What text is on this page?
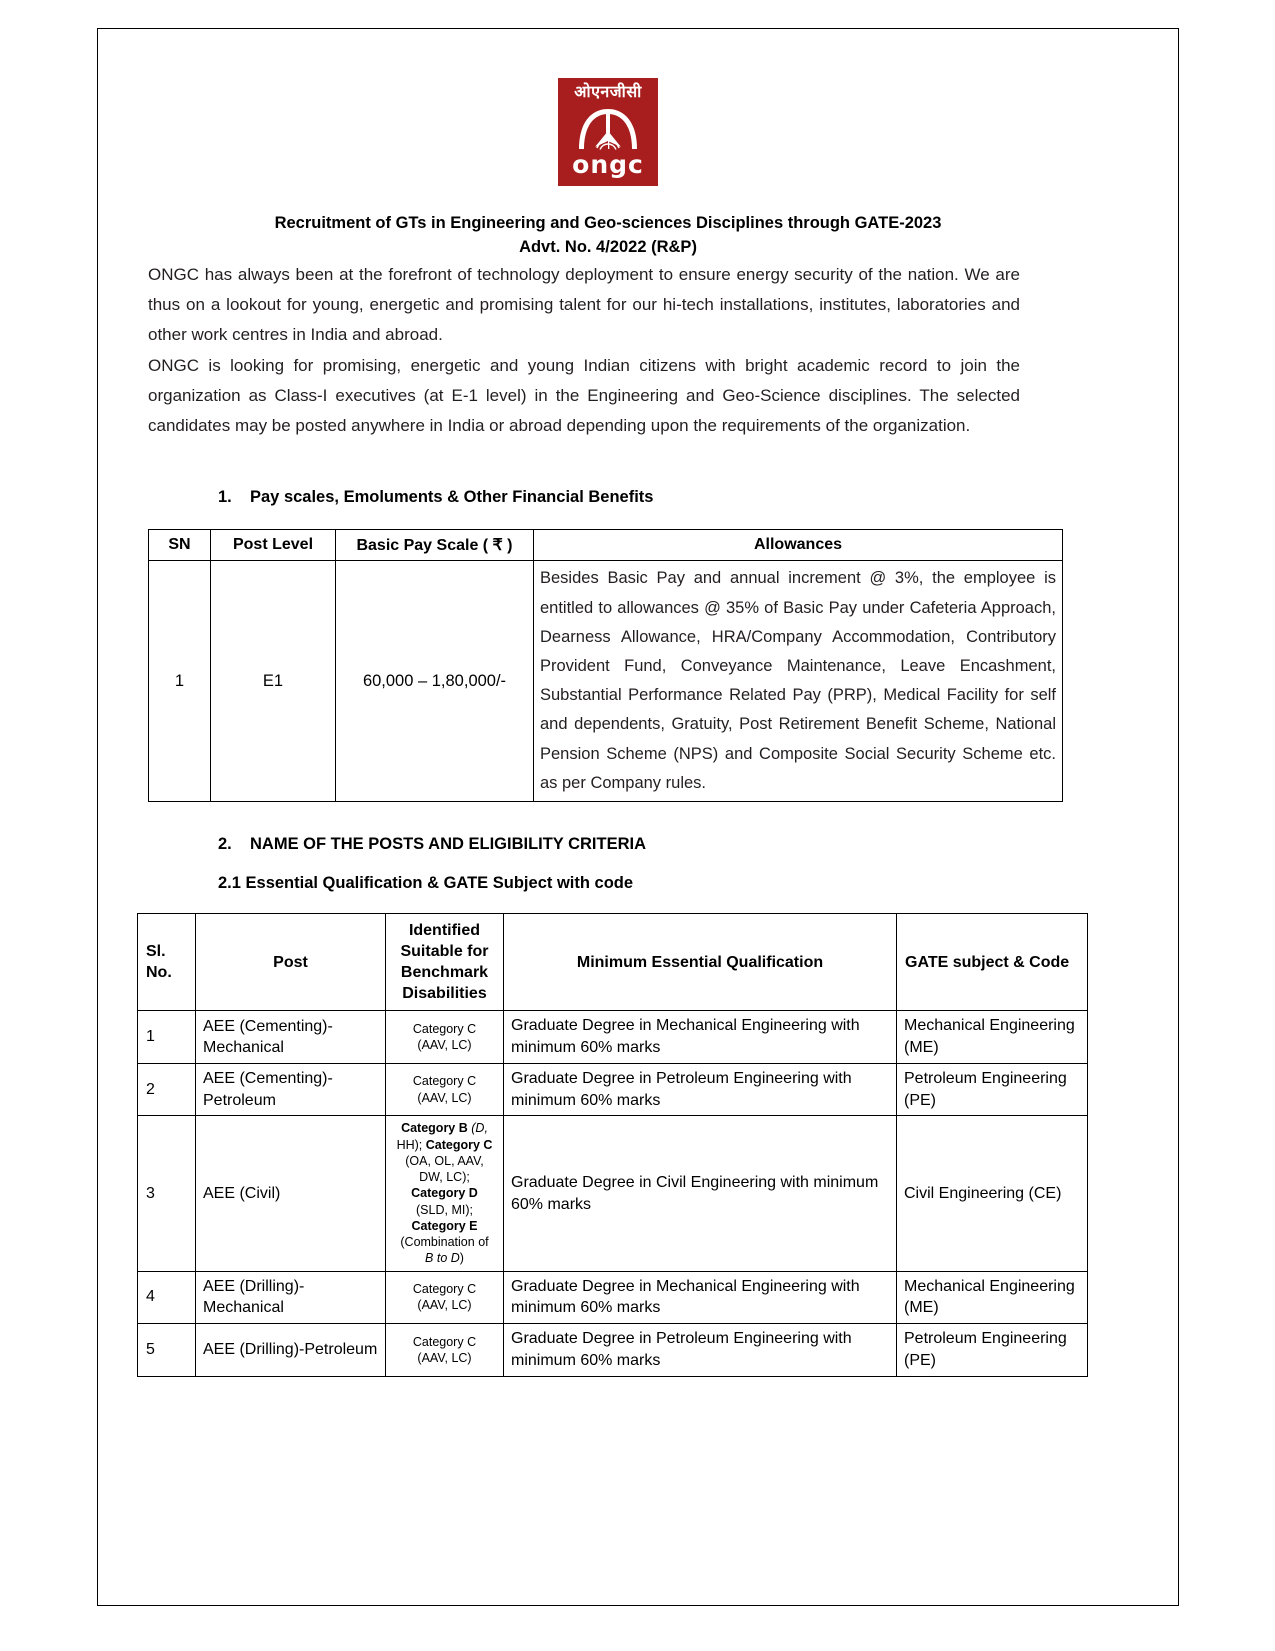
ओएनजीसी
ongc
Recruitment of GTs in Engineering and Geo-sciences Disciplines through GATE-2023
Advt. No. 4/2022 (R&P)

ONGC has always been at the forefront of technology deployment to ensure energy security of the nation. We are thus on a lookout for young, energetic and promising talent for our hi-tech installations, institutes, laboratories and other work centres in India and abroad.

ONGC is looking for promising, energetic and young Indian citizens with bright academic record to join the organization as Class-I executives (at E-1 level) in the Engineering and Geo-Science disciplines. The selected candidates may be posted anywhere in India or abroad depending upon the requirements of the organization.

1.	Pay scales, Emoluments & Other Financial Benefits
SN	Post Level	Basic Pay Scale ( ₹ )	Allowances
1	E1	60,000 – 1,80,000/-	Besides Basic Pay and annual increment @ 3%, the employee is entitled to allowances @ 35% of Basic Pay under Cafeteria Approach, Dearness Allowance, HRA/Company Accommodation, Contributory Provident Fund, Conveyance Maintenance, Leave Encashment, Substantial Performance Related Pay (PRP), Medical Facility for self and dependents, Gratuity, Post Retirement Benefit Scheme, National Pension Scheme (NPS) and Composite Social Security Scheme etc. as per Company rules.
2.	NAME OF THE POSTS AND ELIGIBILITY CRITERIA
2.1 Essential Qualification & GATE Subject with code
Sl.
No.	Post	Identified
Suitable for
Benchmark
Disabilities	Minimum Essential Qualification	GATE subject & Code
1	AEE (Cementing)-Mechanical	Category C
(AAV, LC)	Graduate Degree in Mechanical Engineering with minimum 60% marks	Mechanical Engineering (ME)
2	AEE (Cementing)-Petroleum	Category C
(AAV, LC)	Graduate Degree in Petroleum Engineering with minimum 60% marks	Petroleum Engineering (PE)
3	AEE (Civil)	Category B (D,
HH); Category C
(OA, OL, AAV,
DW, LC);
Category D
(SLD, MI);
Category E
(Combination of
B to D)	Graduate Degree in Civil Engineering with minimum 60% marks	Civil Engineering (CE)
4	AEE (Drilling)-Mechanical	Category C
(AAV, LC)	Graduate Degree in Mechanical Engineering with minimum 60% marks	Mechanical Engineering (ME)
5	AEE (Drilling)-Petroleum	Category C
(AAV, LC)	Graduate Degree in Petroleum Engineering with minimum 60% marks	Petroleum Engineering (PE)
